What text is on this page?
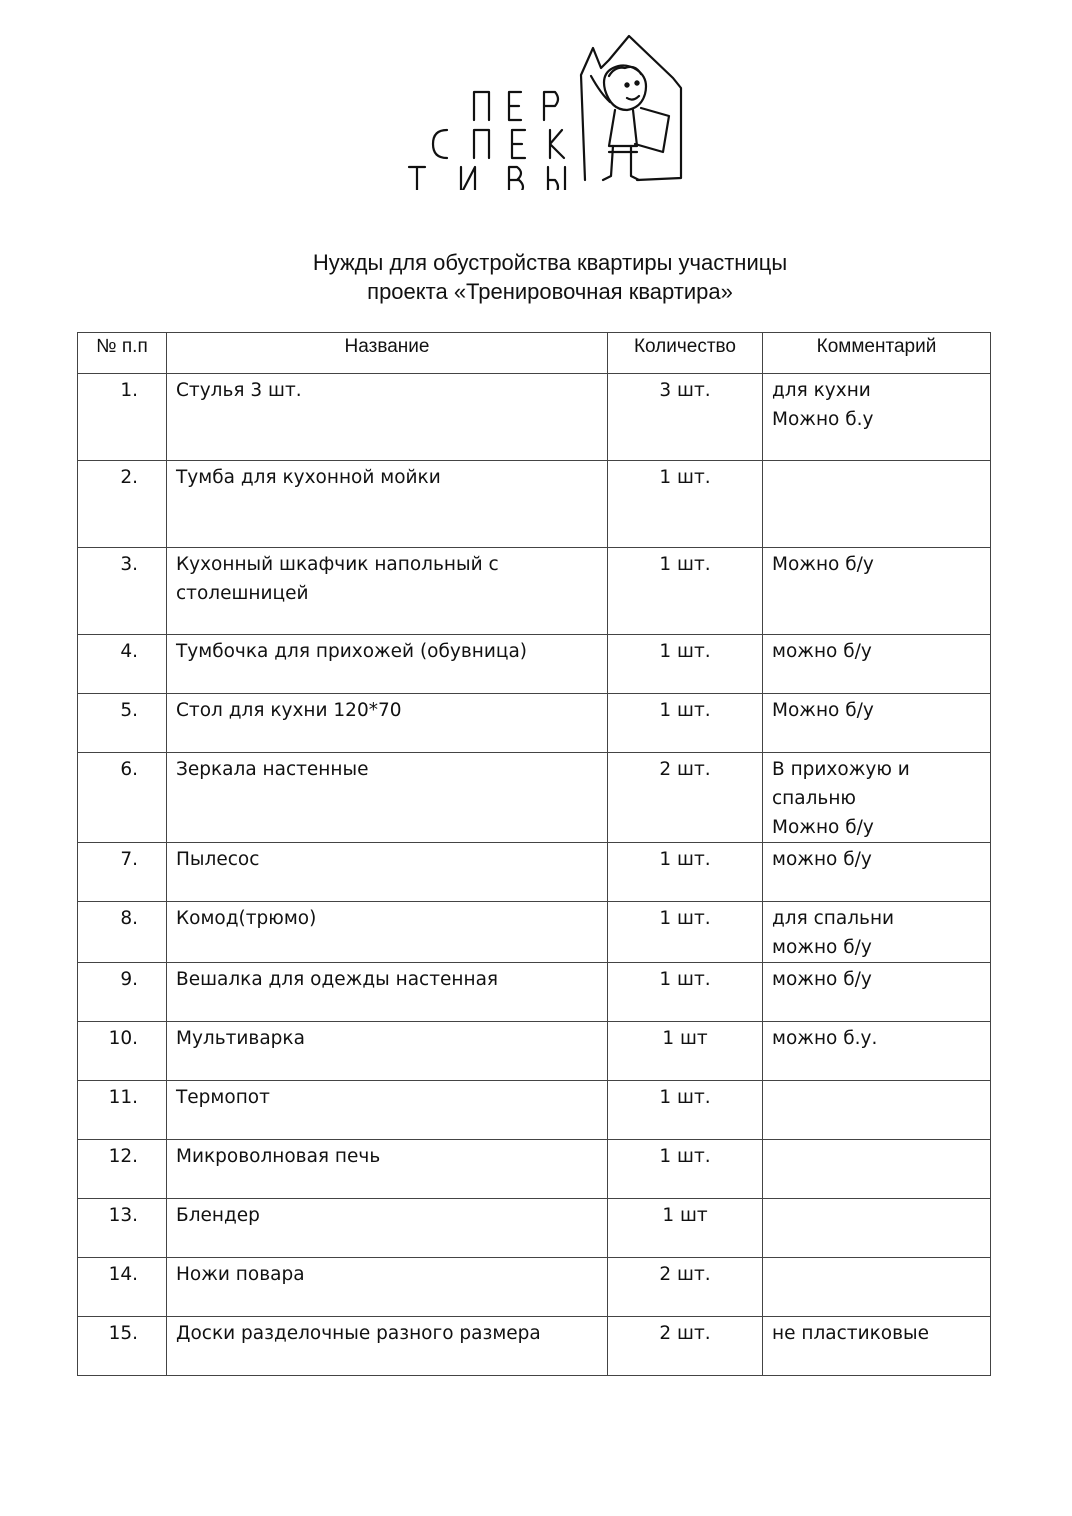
Нужды для обустройства квартиры участницы
проекта «Тренировочная квартира»
№ п.п	Название	Количество	Комментарий
1.	Стулья 3 шт.	3 шт.	для кухни
Можно б.у
2.	Тумба для кухонной мойки	1 шт.	
3.	Кухонный шкафчик напольный с столешницей	1 шт.	Можно б/у
4.	Тумбочка для прихожей (обувница)	1 шт.	можно б/у
5.	Стол для кухни 120*70	1 шт.	Можно б/у
6.	Зеркала настенные	2 шт.	В прихожую и спальню
Можно б/у
7.	Пылесос	1 шт.	можно б/у
8.	Комод(трюмо)	1 шт.	для спальни
можно б/у
9.	Вешалка для одежды настенная	1 шт.	можно б/у
10.	Мультиварка	1 шт	можно б.у.
11.	Термопот	1 шт.	
12.	Микроволновая печь	1 шт.	
13.	Блендер	1 шт	
14.	Ножи повара	2 шт.	
15.	Доски разделочные разного размера	2 шт.	не пластиковые
